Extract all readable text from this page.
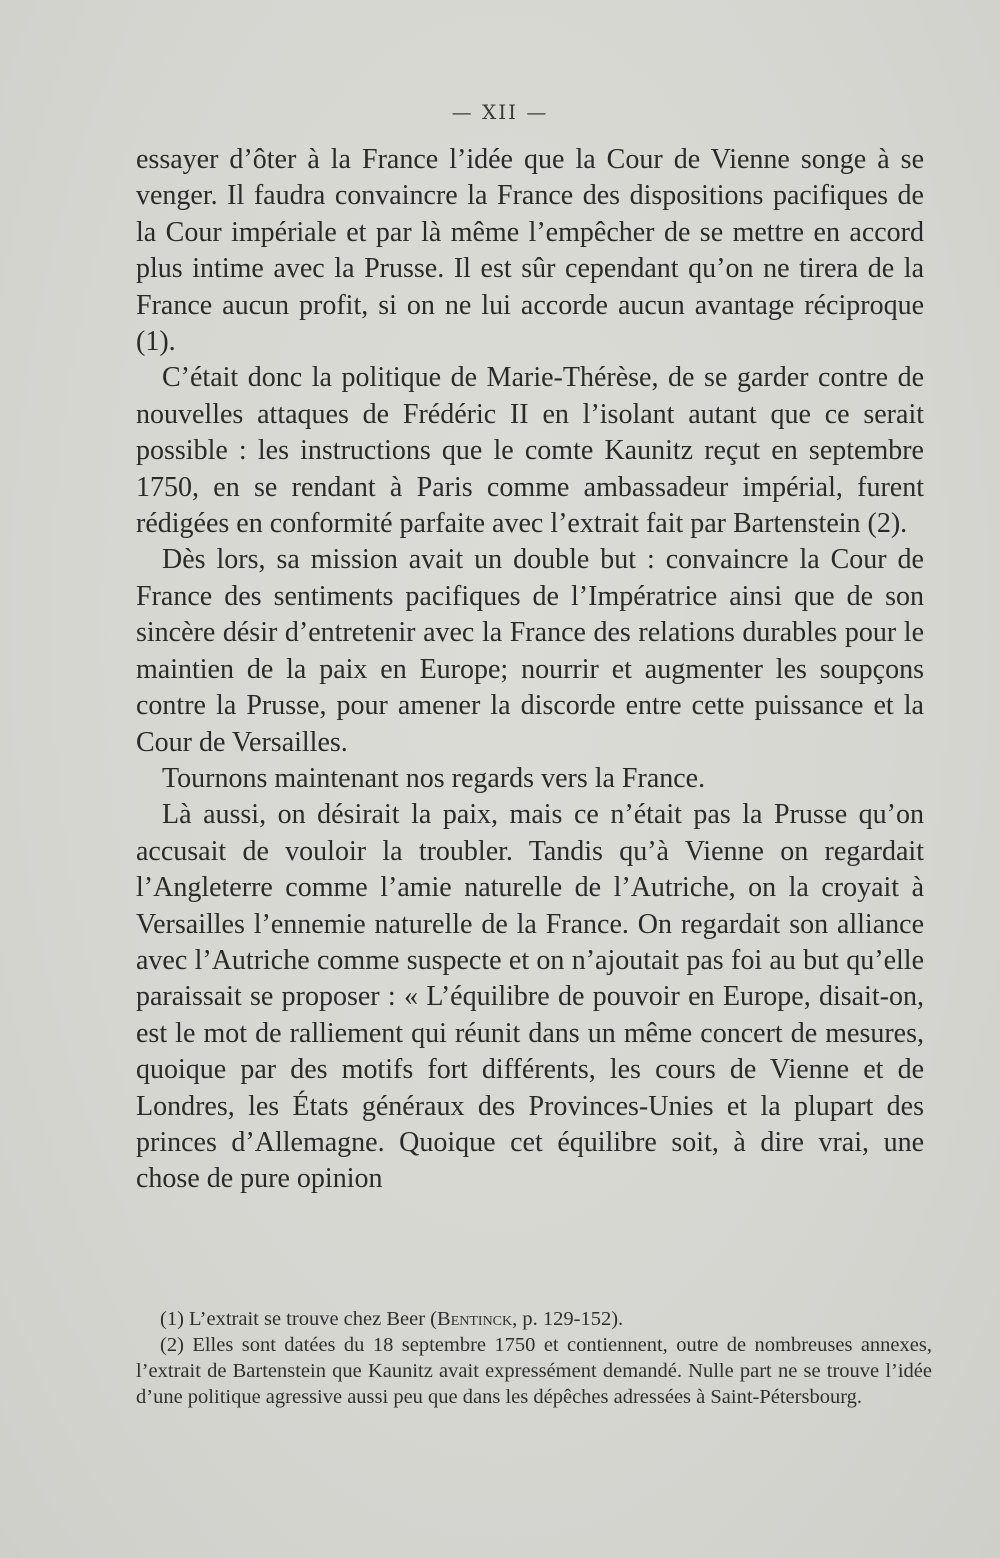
— XII —

essayer d’ôter à la France l’idée que la Cour de Vienne songe à se venger. Il faudra convaincre la France des dispositions pacifiques de la Cour impériale et par là même l’empêcher de se mettre en accord plus intime avec la Prusse. Il est sûr cependant qu’on ne tirera de la France aucun profit, si on ne lui accorde aucun avantage réciproque (1).

C’était donc la politique de Marie-Thérèse, de se garder contre de nouvelles attaques de Frédéric II en l’isolant autant que ce serait possible : les instructions que le comte Kaunitz reçut en septembre 1750, en se rendant à Paris comme ambassadeur impérial, furent rédigées en conformité parfaite avec l’extrait fait par Bartenstein (2).

Dès lors, sa mission avait un double but : convaincre la Cour de France des sentiments pacifiques de l’Impératrice ainsi que de son sincère désir d’entretenir avec la France des relations durables pour le maintien de la paix en Europe; nourrir et augmenter les soupçons contre la Prusse, pour amener la discorde entre cette puissance et la Cour de Versailles.

Tournons maintenant nos regards vers la France.

Là aussi, on désirait la paix, mais ce n’était pas la Prusse qu’on accusait de vouloir la troubler. Tandis qu’à Vienne on regardait l’Angleterre comme l’amie naturelle de l’Autriche, on la croyait à Versailles l’ennemie naturelle de la France. On regardait son alliance avec l’Autriche comme suspecte et on n’ajoutait pas foi au but qu’elle paraissait se proposer : « L’équilibre de pouvoir en Europe, disait-on, est le mot de ralliement qui réunit dans un même concert de mesures, quoique par des motifs fort différents, les cours de Vienne et de Londres, les États généraux des Provinces-Unies et la plupart des princes d’Allemagne. Quoique cet équilibre soit, à dire vrai, une chose de pure opinion

(1) L’extrait se trouve chez Beer (Bentinck, p. 129-152).

(2) Elles sont datées du 18 septembre 1750 et contiennent, outre de nombreuses annexes, l’extrait de Bartenstein que Kaunitz avait expressément demandé. Nulle part ne se trouve l’idée d’une politique agressive aussi peu que dans les dépêches adressées à Saint-Pétersbourg.
